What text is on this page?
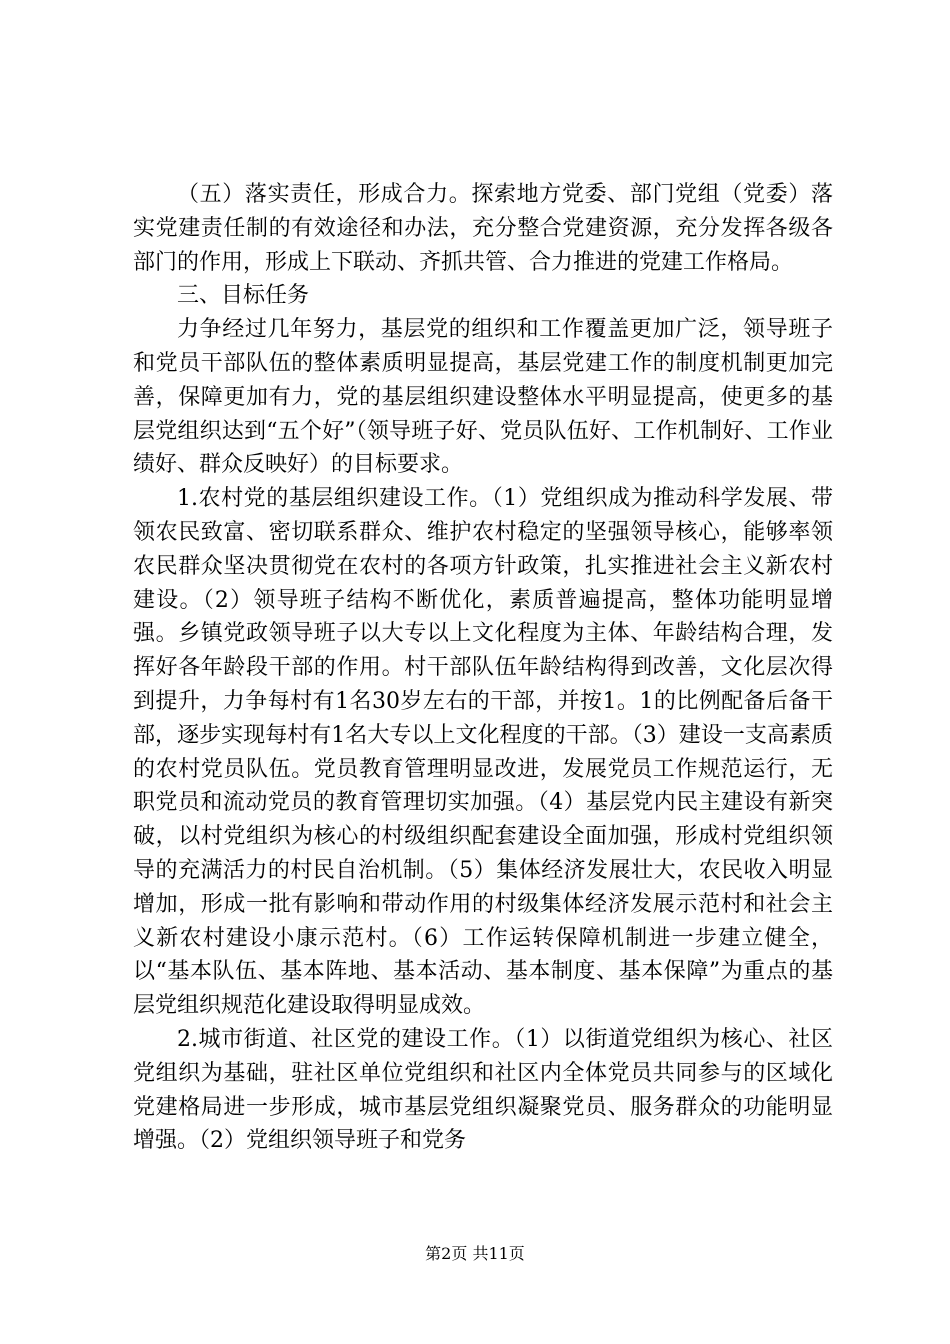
（五）落实责任，形成合力。探索地方党委、部门党组（党委）落实党建责任制的有效途径和办法，充分整合党建资源，充分发挥各级各部门的作用，形成上下联动、齐抓共管、合力推进的党建工作格局。

三、目标任务

力争经过几年努力，基层党的组织和工作覆盖更加广泛，领导班子和党员干部队伍的整体素质明显提高，基层党建工作的制度机制更加完善，保障更加有力，党的基层组织建设整体水平明显提高，使更多的基层党组织达到“五个好”（领导班子好、党员队伍好、工作机制好、工作业绩好、群众反映好）的目标要求。

1.农村党的基层组织建设工作。（1）党组织成为推动科学发展、带领农民致富、密切联系群众、维护农村稳定的坚强领导核心，能够率领农民群众坚决贯彻党在农村的各项方针政策，扎实推进社会主义新农村建设。（2）领导班子结构不断优化，素质普遍提高，整体功能明显增强。乡镇党政领导班子以大专以上文化程度为主体、年龄结构合理，发挥好各年龄段干部的作用。村干部队伍年龄结构得到改善，文化层次得到提升，力争每村有1名30岁左右的干部，并按1。1的比例配备后备干部，逐步实现每村有1名大专以上文化程度的干部。（3）建设一支高素质的农村党员队伍。党员教育管理明显改进，发展党员工作规范运行，无职党员和流动党员的教育管理切实加强。（4）基层党内民主建设有新突破，以村党组织为核心的村级组织配套建设全面加强，形成村党组织领导的充满活力的村民自治机制。（5）集体经济发展壮大，农民收入明显增加，形成一批有影响和带动作用的村级集体经济发展示范村和社会主义新农村建设小康示范村。（6）工作运转保障机制进一步建立健全，以“基本队伍、基本阵地、基本活动、基本制度、基本保障”为重点的基层党组织规范化建设取得明显成效。

2.城市街道、社区党的建设工作。（1）以街道党组织为核心、社区党组织为基础，驻社区单位党组织和社区内全体党员共同参与的区域化党建格局进一步形成，城市基层党组织凝聚党员、服务群众的功能明显增强。（2）党组织领导班子和党务

第2页 共11页
